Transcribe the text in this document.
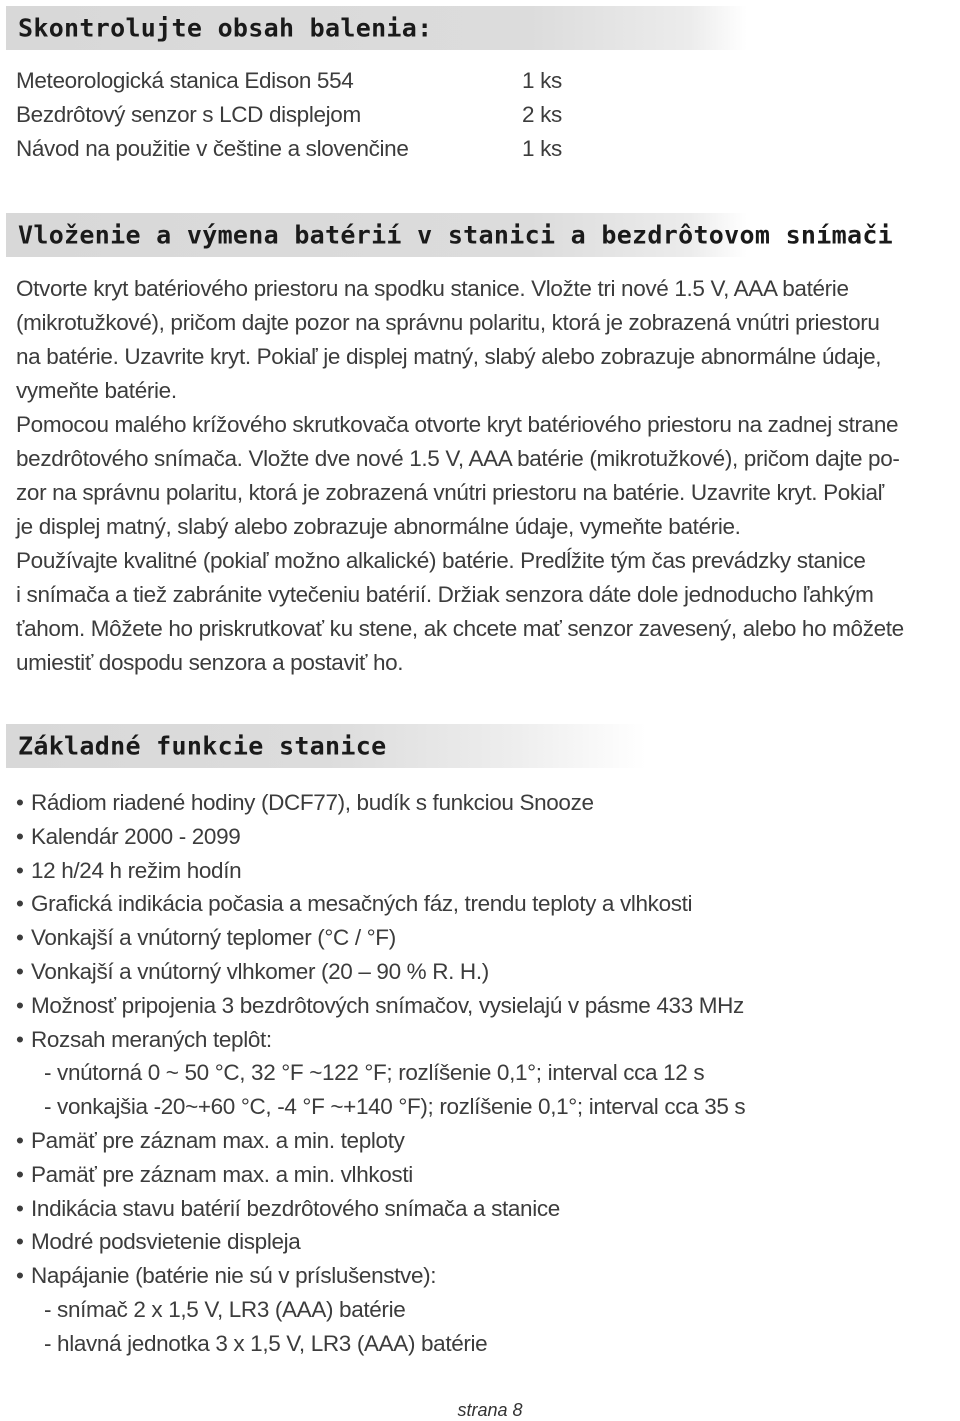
Skontrolujte obsah balenia:
Meteorologická stanica Edison 554	1 ks
Bezdrôtový senzor s LCD displejom	2 ks
Návod na použitie v češtine a slovenčine	1 ks
Vloženie a výmena batérií v stanici a bezdrôtovom snímači
Otvorte kryt batériového priestoru na spodku stanice. Vložte tri nové 1.5 V, AAA batérie
(mikrotužkové), pričom dajte pozor na správnu polaritu, ktorá je zobrazená vnútri priestoru
na batérie. Uzavrite kryt. Pokiaľ je displej matný, slabý alebo zobrazuje abnormálne údaje,
vymeňte batérie.
Pomocou malého krížového skrutkovača otvorte kryt batériového priestoru na zadnej strane
bezdrôtového snímača. Vložte dve nové 1.5 V, AAA batérie (mikrotužkové), pričom dajte po-
zor na správnu polaritu, ktorá je zobrazená vnútri priestoru na batérie. Uzavrite kryt. Pokiaľ
je displej matný, slabý alebo zobrazuje abnormálne údaje, vymeňte batérie.
Používajte kvalitné (pokiaľ možno alkalické) batérie. Predĺžite tým čas prevádzky stanice
i snímača a tiež zabránite vytečeniu batérií. Držiak senzora dáte dole jednoducho ľahkým
ťahom. Môžete ho priskrutkovať ku stene, ak chcete mať senzor zavesený, alebo ho môžete
umiestiť dospodu senzora a postaviť ho.
Základné funkcie stanice
• Rádiom riadené hodiny (DCF77), budík s funkciou Snooze
• Kalendár 2000 - 2099
• 12 h/24 h režim hodín
• Grafická indikácia počasia a mesačných fáz, trendu teploty a vlhkosti
• Vonkajší a vnútorný teplomer (°C / °F)
• Vonkajší a vnútorný vlhkomer (20 – 90 % R. H.)
• Možnosť pripojenia 3 bezdrôtových snímačov, vysielajú v pásme 433 MHz
• Rozsah meraných teplôt:
- vnútorná 0 ~ 50 °C, 32 °F ~122 °F; rozlíšenie 0,1°; interval cca 12 s
- vonkajšia -20~+60 °C, -4 °F ~+140 °F); rozlíšenie 0,1°; interval cca 35 s
• Pamäť pre záznam max. a min. teploty
• Pamäť pre záznam max. a min. vlhkosti
• Indikácia stavu batérií bezdrôtového snímača a stanice
• Modré podsvietenie displeja
• Napájanie (batérie nie sú v príslušenstve):
- snímač 2 x 1,5 V, LR3 (AAA) batérie
- hlavná jednotka 3 x 1,5 V, LR3 (AAA) batérie
strana 8
